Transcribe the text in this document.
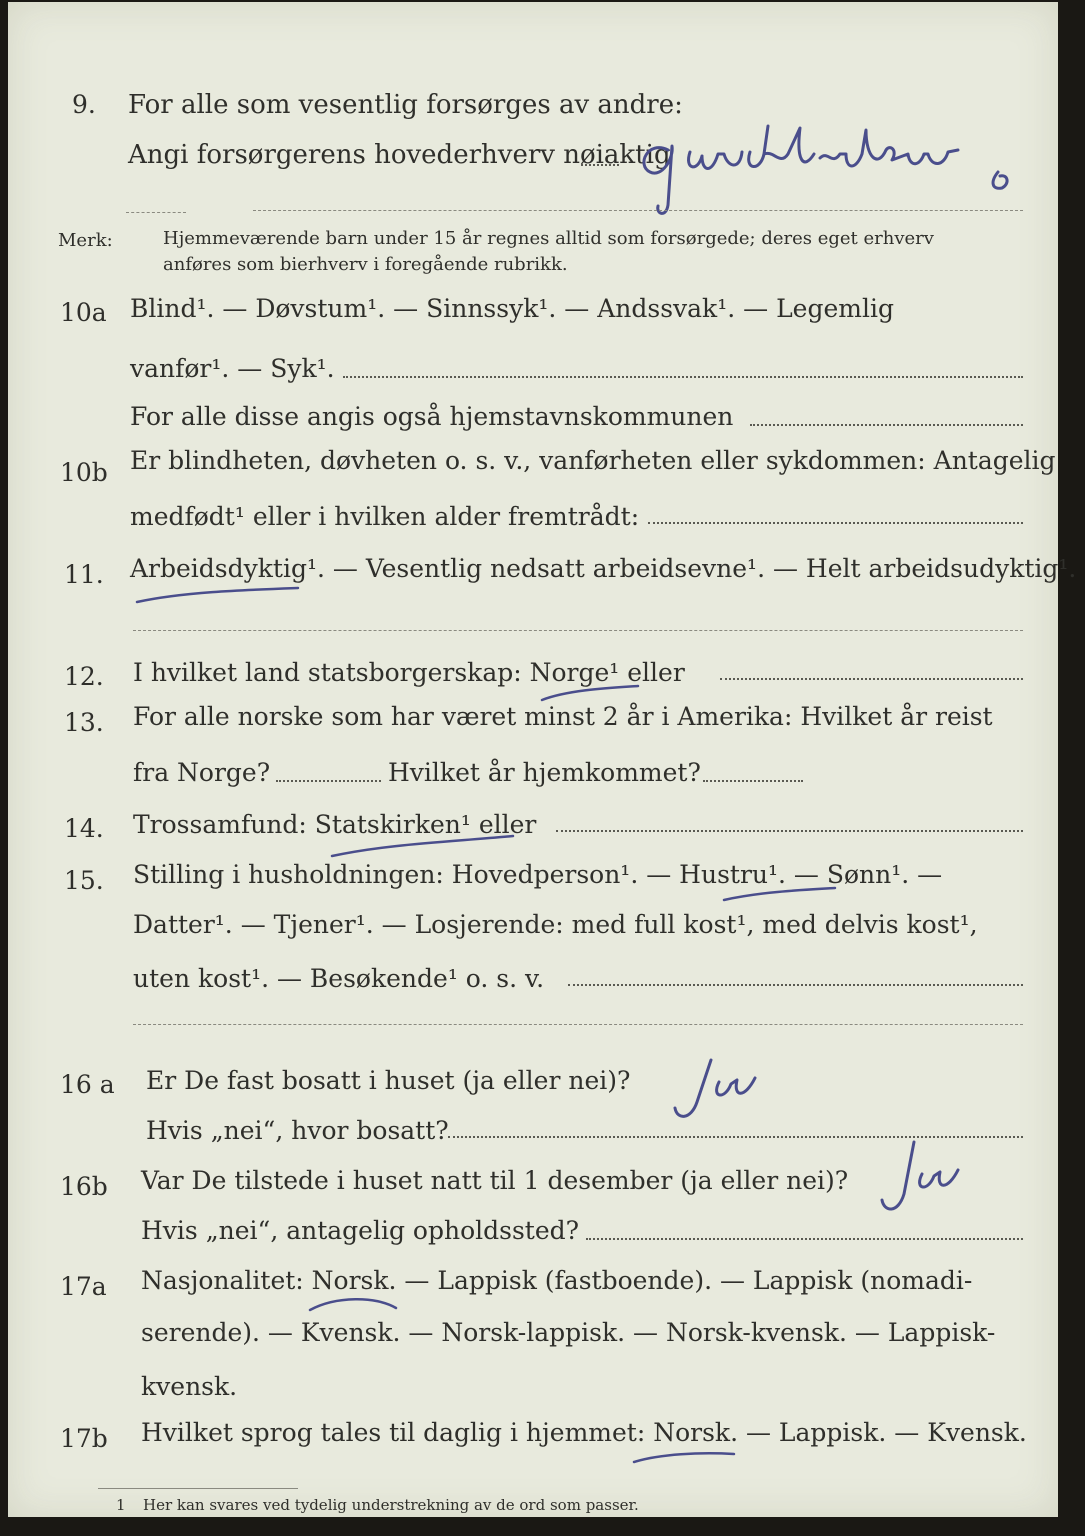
9. For alle som vesentlig forsørges av andre:
Angi forsørgerens hovederhverv nøiaktig
Merk:	Hjemmeværende barn under 15 år regnes alltid som forsørgede; deres eget erhverv
anføres som bierhverv i foregående rubrikk.
10a Blind¹. — Døvstum¹. — Sinnssyk¹. — Andssvak¹. — Legemlig
vanfør¹. — Syk¹.
For alle disse angis også hjemstavnskommunen
10b Er blindheten, døvheten o. s. v., vanførheten eller sykdommen: Antagelig
medfødt¹ eller i hvilken alder fremtrådt:
11. Arbeidsdyktig¹. — Vesentlig nedsatt arbeidsevne¹. — Helt arbeidsudyktig¹.
12. I hvilket land statsborgerskap: Norge¹ eller
13. For alle norske som har været minst 2 år i Amerika: Hvilket år reist
fra Norge?	Hvilket år hjemkommet?
14. Trossamfund: Statskirken¹ eller
15. Stilling i husholdningen: Hovedperson¹. — Hustru¹. — Sønn¹. —
Datter¹. — Tjener¹. — Losjerende: med full kost¹, med delvis kost¹,
uten kost¹. — Besøkende¹ o. s. v.
16 a Er De fast bosatt i huset (ja eller nei)?
Hvis „nei“, hvor bosatt?
16b Var De tilstede i huset natt til 1 desember (ja eller nei)?
Hvis „nei“, antagelig opholdssted?
17a Nasjonalitet: Norsk. — Lappisk (fastboende). — Lappisk (nomadi-
serende). — Kvensk. — Norsk-lappisk. — Norsk-kvensk. — Lappisk-
kvensk.
17b Hvilket sprog tales til daglig i hjemmet: Norsk. — Lappisk. — Kvensk.
1 Her kan svares ved tydelig understrekning av de ord som passer.
